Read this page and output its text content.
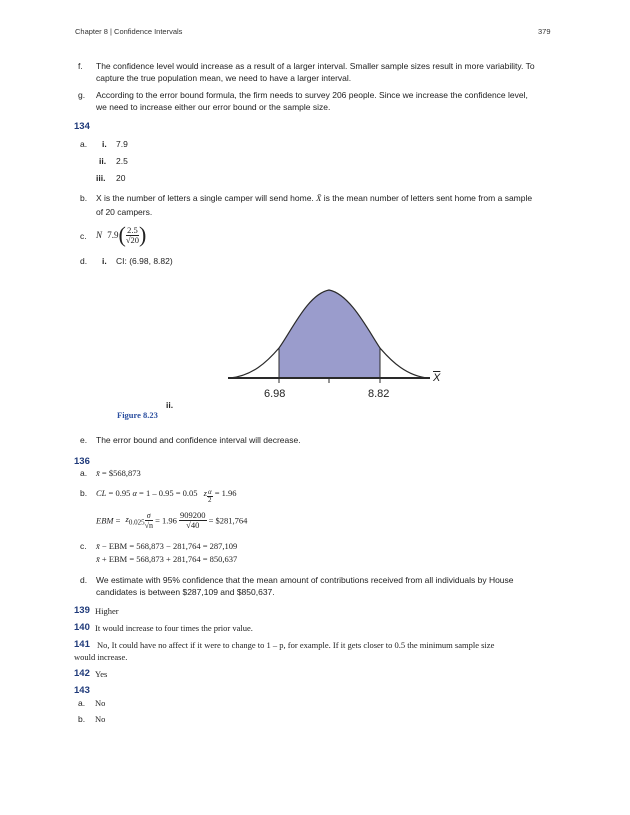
Chapter 8 | Confidence Intervals	379
f. The confidence level would increase as a result of a larger interval. Smaller sample sizes result in more variability. To
capture the true population mean, we need to have a larger interval.
g. According to the error bound formula, the firm needs to survey 206 people. Since we increase the confidence level,
we need to increase either our error bound or the sample size.
134
a. i. 7.9
ii. 2.5
iii. 20
b. X is the number of letters a single camper will send home. X̄ is the mean number of letters sent home from a sample
of 20 campers.
c. N $7.9( \frac{2.5}{√20}$ )
d. i. CI: (6.98, 8.82)
6.98	8.82
$\overline{X}$
ii.
Figure 8.23
e. The error bound and confidence interval will decrease.
136
a. x̄ = $568,873
b. CL = 0.95 α = 1 – 0.95 = 0.05 z $\frac{\alpha}{2} = 1.96$
EBM = $z_{0.025} \frac{\sigma}{√n} = 1.96 \frac{909200}{√40}$ = $281,764
c. x̄ − EBM = 568,873 − 281,764 = 287,109
x̄ + EBM = 568,873 + 281,764 = 850,637
d. We estimate with 95% confidence that the mean amount of contributions received from all individuals by House
candidates is between $287,109 and $850,637.
139 Higher
140 It would increase to four times the prior value.
141 No, It could have no affect if it were to change to 1 – p, for example. If it gets closer to 0.5 the minimum sample size
would increase.
142 Yes
143
a. No
b. No
